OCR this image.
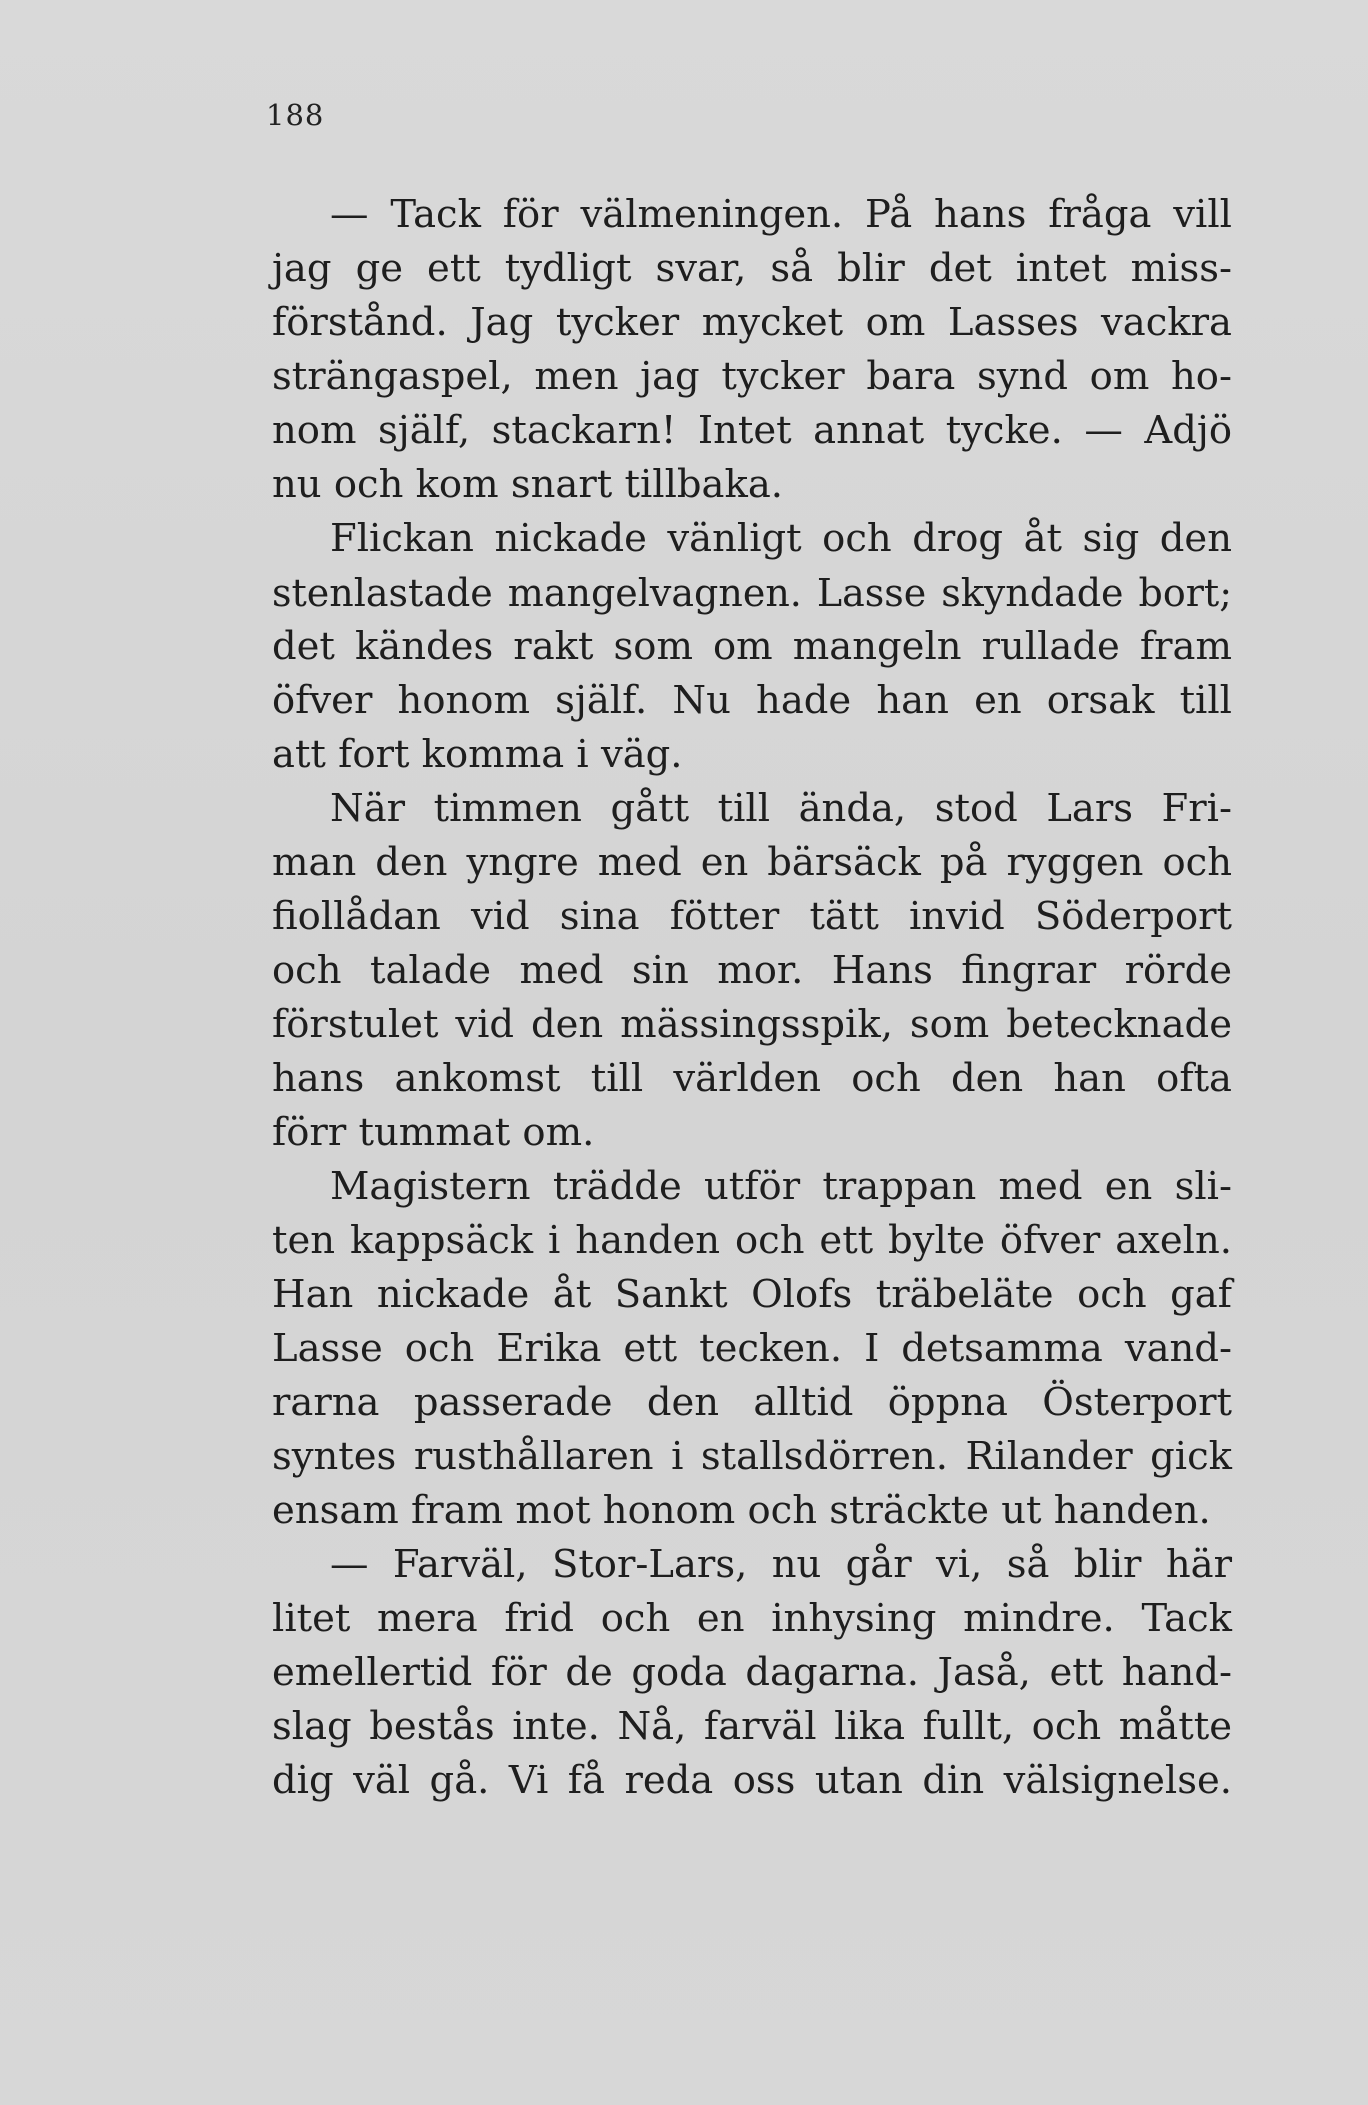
188
— Tack för välmeningen. På hans fråga vill
jag ge ett tydligt svar, så blir det intet miss-
förstånd. Jag tycker mycket om Lasses vackra
strängaspel, men jag tycker bara synd om ho-
nom själf, stackarn! Intet annat tycke. — Adjö
nu och kom snart tillbaka.
Flickan nickade vänligt och drog åt sig den
stenlastade mangelvagnen. Lasse skyndade bort;
det kändes rakt som om mangeln rullade fram
öfver honom själf. Nu hade han en orsak till
att fort komma i väg.
När timmen gått till ända, stod Lars Fri-
man den yngre med en bärsäck på ryggen och
fiollådan vid sina fötter tätt invid Söderport
och talade med sin mor. Hans fingrar rörde
förstulet vid den mässingsspik, som betecknade
hans ankomst till världen och den han ofta
förr tummat om.
Magistern trädde utför trappan med en sli-
ten kappsäck i handen och ett bylte öfver axeln.
Han nickade åt Sankt Olofs träbeläte och gaf
Lasse och Erika ett tecken. I detsamma vand-
rarna passerade den alltid öppna Österport
syntes rusthållaren i stallsdörren. Rilander gick
ensam fram mot honom och sträckte ut handen.
— Farväl, Stor-Lars, nu går vi, så blir här
litet mera frid och en inhysing mindre. Tack
emellertid för de goda dagarna. Jaså, ett hand-
slag bestås inte. Nå, farväl lika fullt, och måtte
dig väl gå. Vi få reda oss utan din välsignelse.
